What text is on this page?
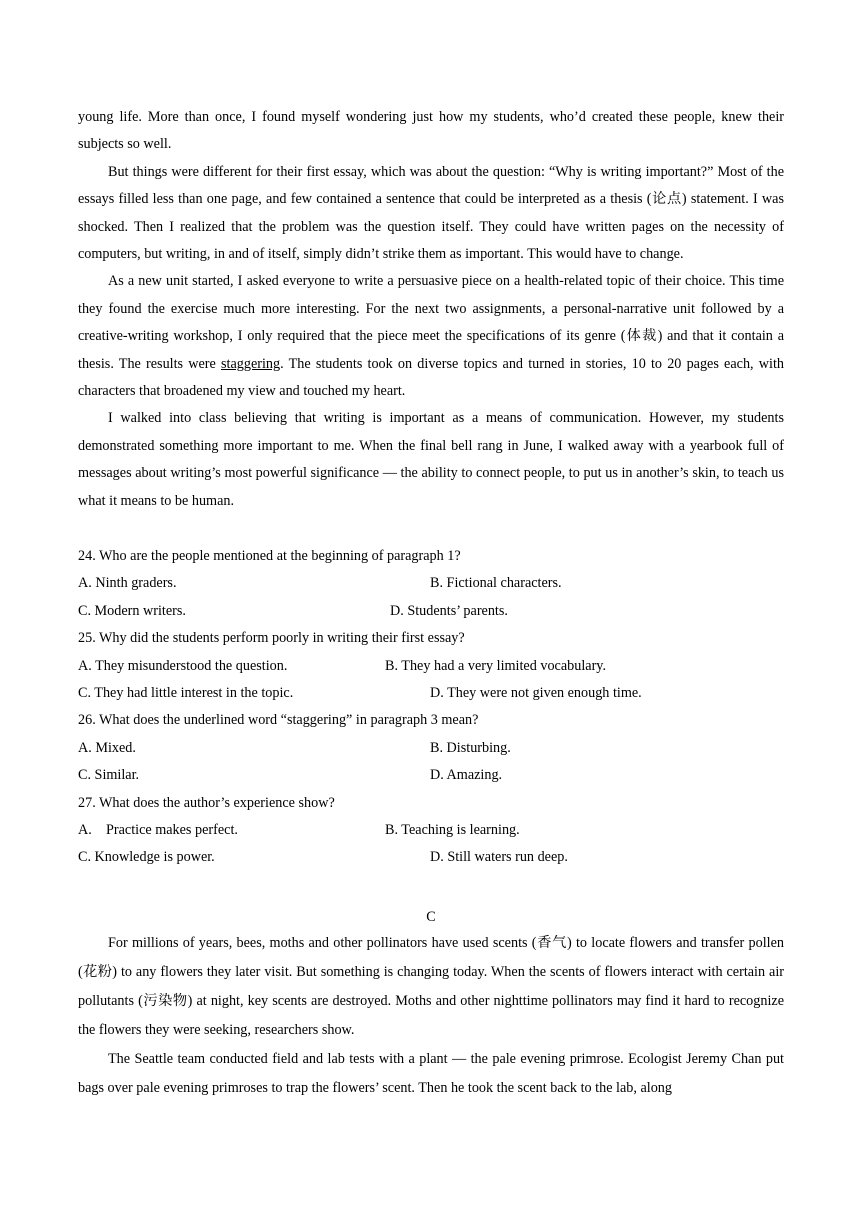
young life. More than once, I found myself wondering just how my students, who’d created these people, knew their subjects so well.

But things were different for their first essay, which was about the question: “Why is writing important?” Most of the essays filled less than one page, and few contained a sentence that could be interpreted as a thesis (论点) statement. I was shocked. Then I realized that the problem was the question itself. They could have written pages on the necessity of computers, but writing, in and of itself, simply didn’t strike them as important. This would have to change.

As a new unit started, I asked everyone to write a persuasive piece on a health-related topic of their choice. This time they found the exercise much more interesting. For the next two assignments, a personal-narrative unit followed by a creative-writing workshop, I only required that the piece meet the specifications of its genre (体裁) and that it contain a thesis. The results were staggering. The students took on diverse topics and turned in stories, 10 to 20 pages each, with characters that broadened my view and touched my heart.

I walked into class believing that writing is important as a means of communication. However, my students demonstrated something more important to me. When the final bell rang in June, I walked away with a yearbook full of messages about writing’s most powerful significance — the ability to connect people, to put us in another’s skin, to teach us what it means to be human.

24. Who are the people mentioned at the beginning of paragraph 1?

A. Ninth graders.	B. Fictional characters.
C. Modern writers.	D. Students’ parents.

25. Why did the students perform poorly in writing their first essay?

A. They misunderstood the question.	B. They had a very limited vocabulary.
C. They had little interest in the topic.	D. They were not given enough time.

26. What does the underlined word “staggering” in paragraph 3 mean?

A. Mixed.	B. Disturbing.
C. Similar.	D. Amazing.

27. What does the author’s experience show?

A.    Practice makes perfect.	B. Teaching is learning.
C. Knowledge is power.	D. Still waters run deep.

C

For millions of years, bees, moths and other pollinators have used scents (香气) to locate flowers and transfer pollen (花粉) to any flowers they later visit. But something is changing today. When the scents of flowers interact with certain air pollutants (污染物) at night, key scents are destroyed. Moths and other nighttime pollinators may find it hard to recognize the flowers they were seeking, researchers show.

The Seattle team conducted field and lab tests with a plant — the pale evening primrose. Ecologist Jeremy Chan put bags over pale evening primroses to trap the flowers’ scent. Then he took the scent back to the lab, along
